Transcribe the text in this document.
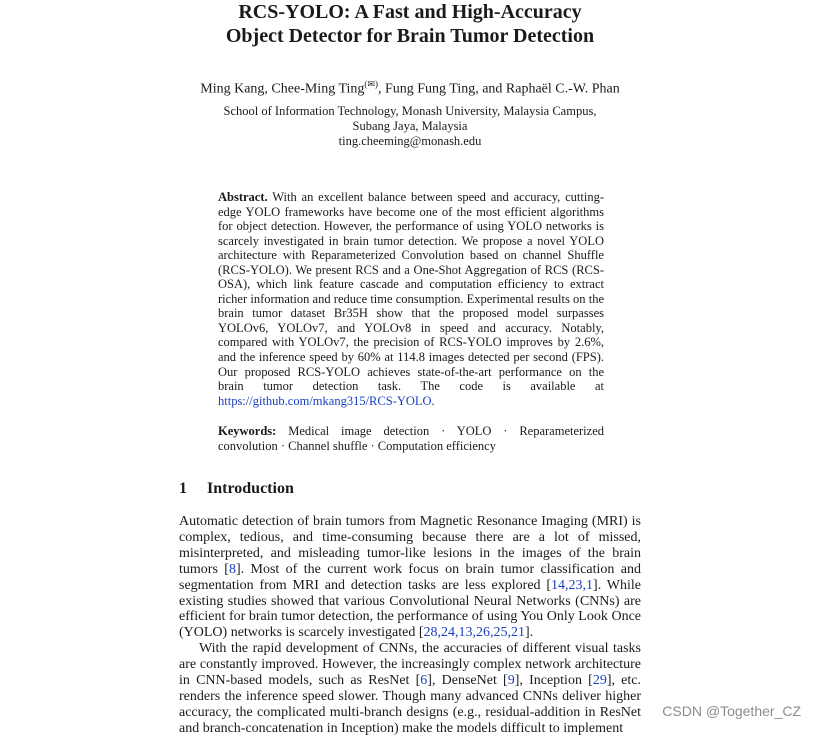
RCS-YOLO: A Fast and High-Accuracy
Object Detector for Brain Tumor Detection
Ming Kang, Chee-Ming Ting(✉), Fung Fung Ting, and Raphaël C.-W. Phan
School of Information Technology, Monash University, Malaysia Campus,
Subang Jaya, Malaysia
ting.cheeming@monash.edu
Abstract. With an excellent balance between speed and accuracy, cutting-edge YOLO frameworks have become one of the most efficient algorithms for object detection. However, the performance of using YOLO networks is scarcely investigated in brain tumor detection. We propose a novel YOLO architecture with Reparameterized Convolution based on channel Shuffle (RCS-YOLO). We present RCS and a One-Shot Aggregation of RCS (RCS-OSA), which link feature cascade and computation efficiency to extract richer information and reduce time consumption. Experimental results on the brain tumor dataset Br35H show that the proposed model surpasses YOLOv6, YOLOv7, and YOLOv8 in speed and accuracy. Notably, compared with YOLOv7, the precision of RCS-YOLO improves by 2.6%, and the inference speed by 60% at 114.8 images detected per second (FPS). Our proposed RCS-YOLO achieves state-of-the-art performance on the brain tumor detection task. The code is available at https://github.com/mkang315/RCS-YOLO.
Keywords: Medical image detection · YOLO · Reparameterized convolution · Channel shuffle · Computation efficiency
1 Introduction

Automatic detection of brain tumors from Magnetic Resonance Imaging (MRI) is complex, tedious, and time-consuming because there are a lot of missed, misinterpreted, and misleading tumor-like lesions in the images of the brain tumors [8]. Most of the current work focus on brain tumor classification and segmentation from MRI and detection tasks are less explored [14,23,1]. While existing studies showed that various Convolutional Neural Networks (CNNs) are efficient for brain tumor detection, the performance of using You Only Look Once (YOLO) networks is scarcely investigated [28,24,13,26,25,21].

With the rapid development of CNNs, the accuracies of different visual tasks are constantly improved. However, the increasingly complex network architecture in CNN-based models, such as ResNet [6], DenseNet [9], Inception [29], etc. renders the inference speed slower. Though many advanced CNNs deliver higher accuracy, the complicated multi-branch designs (e.g., residual-addition in ResNet and branch-concatenation in Inception) make the models difficult to implement

CSDN @Together_CZ
